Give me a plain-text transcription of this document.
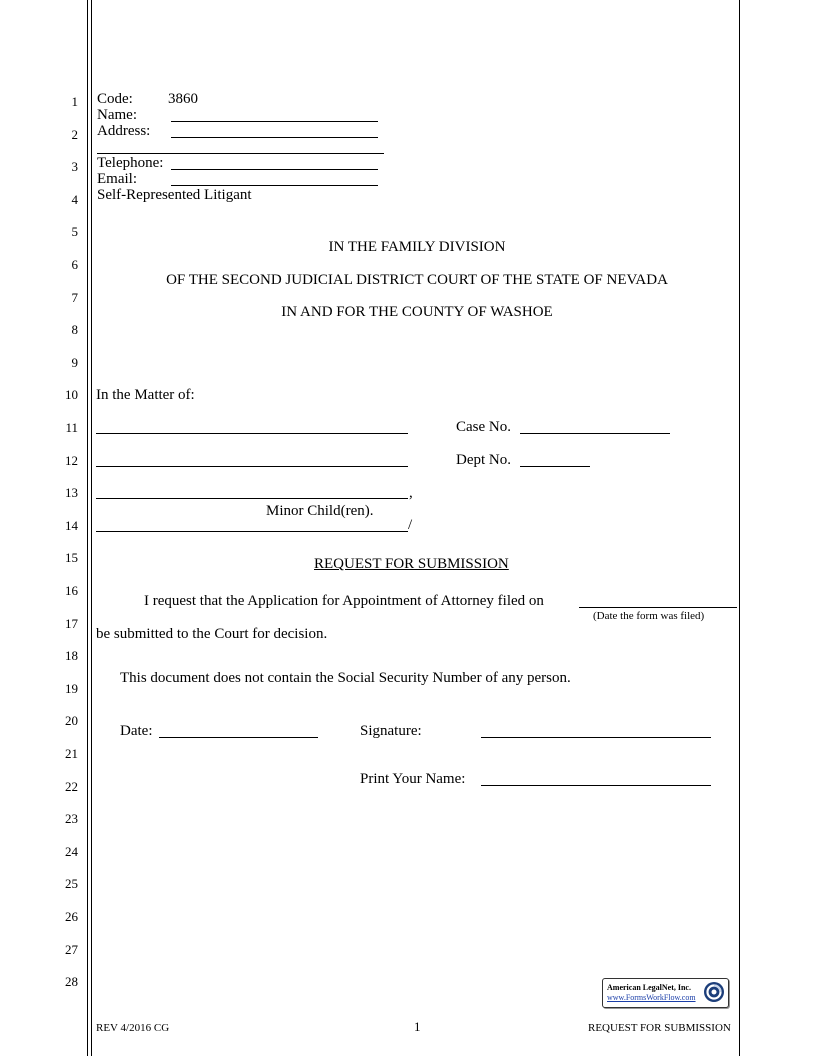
1
2
3
4
5
6
7
8
9
10
11
12
13
14
15
16
17
18
19
20
21
22
23
24
25
26
27
28
Code: 3860
Name:
Address:
Telephone:
Email:
Self-Represented Litigant
IN THE FAMILY DIVISION
OF THE SECOND JUDICIAL DISTRICT COURT OF THE STATE OF NEVADA
IN AND FOR THE COUNTY OF WASHOE
In the Matter of:
Case No.
Dept No.
,
Minor Child(ren).
/
REQUEST FOR SUBMISSION
I request that the Application for Appointment of Attorney filed on
(Date the form was filed)
be submitted to the Court for decision.
This document does not contain the Social Security Number of any person.
Date:	Signature:
Print Your Name:
American LegalNet, Inc.
www.FormsWorkFlow.com
REV 4/2016 CG	1	REQUEST FOR SUBMISSION
